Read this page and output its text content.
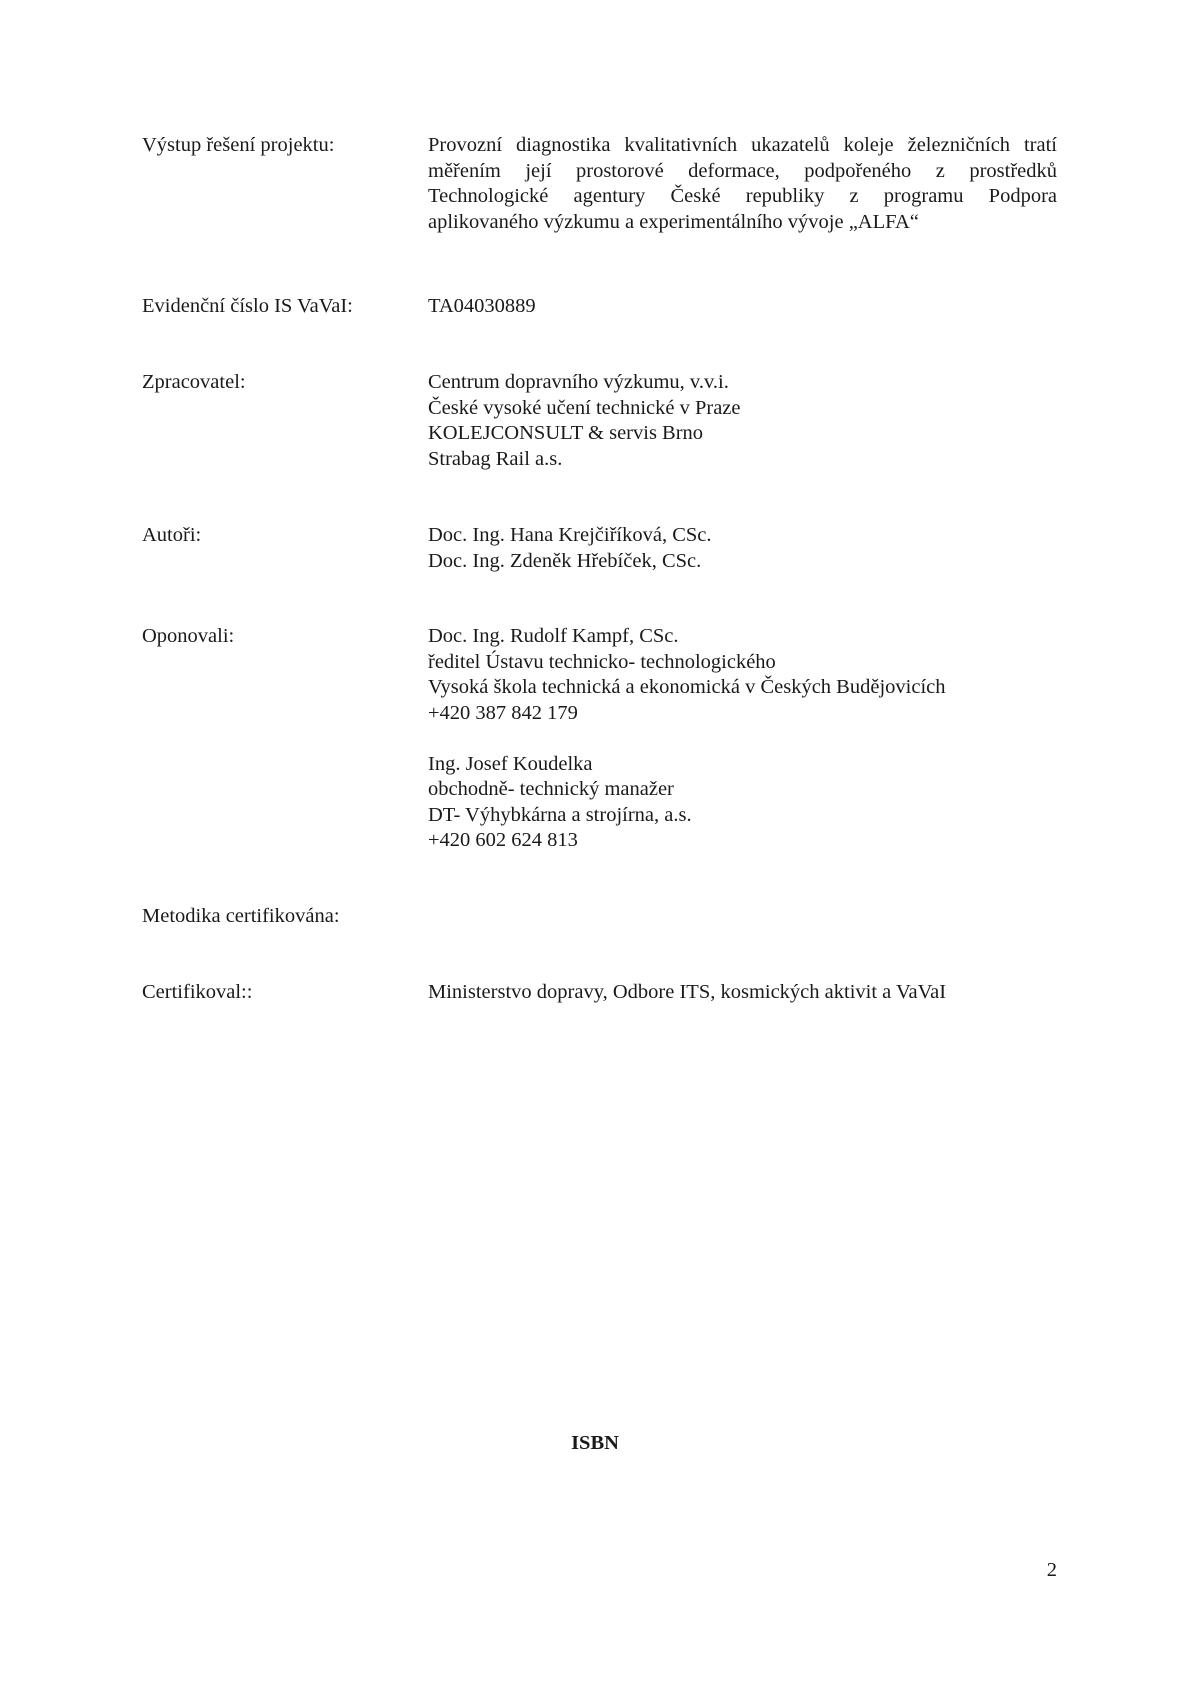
Výstup řešení projektu:	Provozní diagnostika kvalitativních ukazatelů koleje železničních tratí
měřením její prostorové deformace, podpořeného z prostředků
Technologické agentury České republiky z programu Podpora
aplikovaného výzkumu a experimentálního vývoje „ALFA“
Evidenční číslo IS VaVaI:	TA04030889
Zpracovatel:	Centrum dopravního výzkumu, v.v.i.
České vysoké učení technické v Praze
KOLEJCONSULT & servis Brno
Strabag Rail a.s.
Autoři:	Doc. Ing. Hana Krejčiříková, CSc.
Doc. Ing. Zdeněk Hřebíček, CSc.
Oponovali:	Doc. Ing. Rudolf Kampf, CSc.
ředitel Ústavu technicko- technologického
Vysoká škola technická a ekonomická v Českých Budějovicích
+420 387 842 179
Ing. Josef Koudelka
obchodně- technický manažer
DT- Výhybkárna a strojírna, a.s.
+420 602 624 813
Metodika certifikována:
Certifikoval::	Ministerstvo dopravy, Odbore ITS, kosmických aktivit a VaVaI
ISBN
2
